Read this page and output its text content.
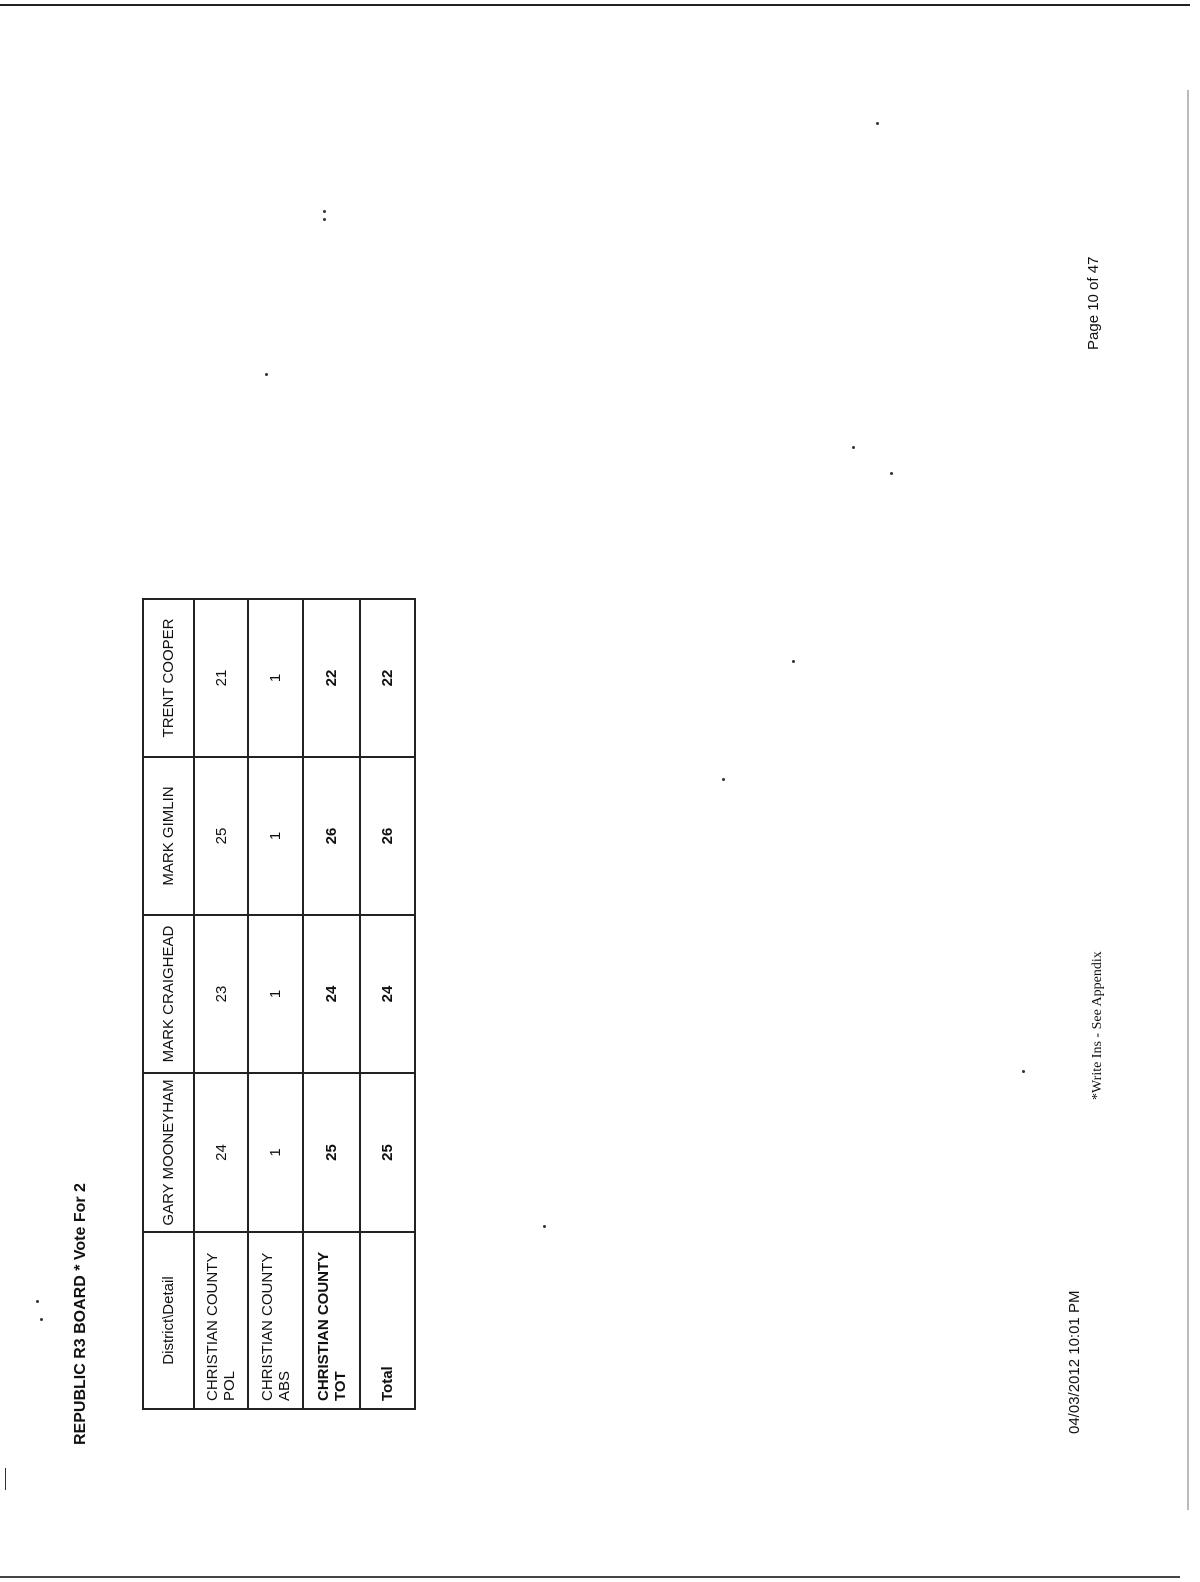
REPUBLIC R3 BOARD * Vote For 2	District\Detail	GARY MOONEYHAM	MARK CRAIGHEAD	MARK GIMLIN	TRENT COOPER
CHRISTIAN COUNTY POL	24	23	25	21
CHRISTIAN COUNTY ABS	1	1	1	1
CHRISTIAN COUNTY TOT	25	24	26	22
Total	25	24	26	22
04/03/2012 10:01 PM
*Write Ins - See Appendix
Page 10 of 47
